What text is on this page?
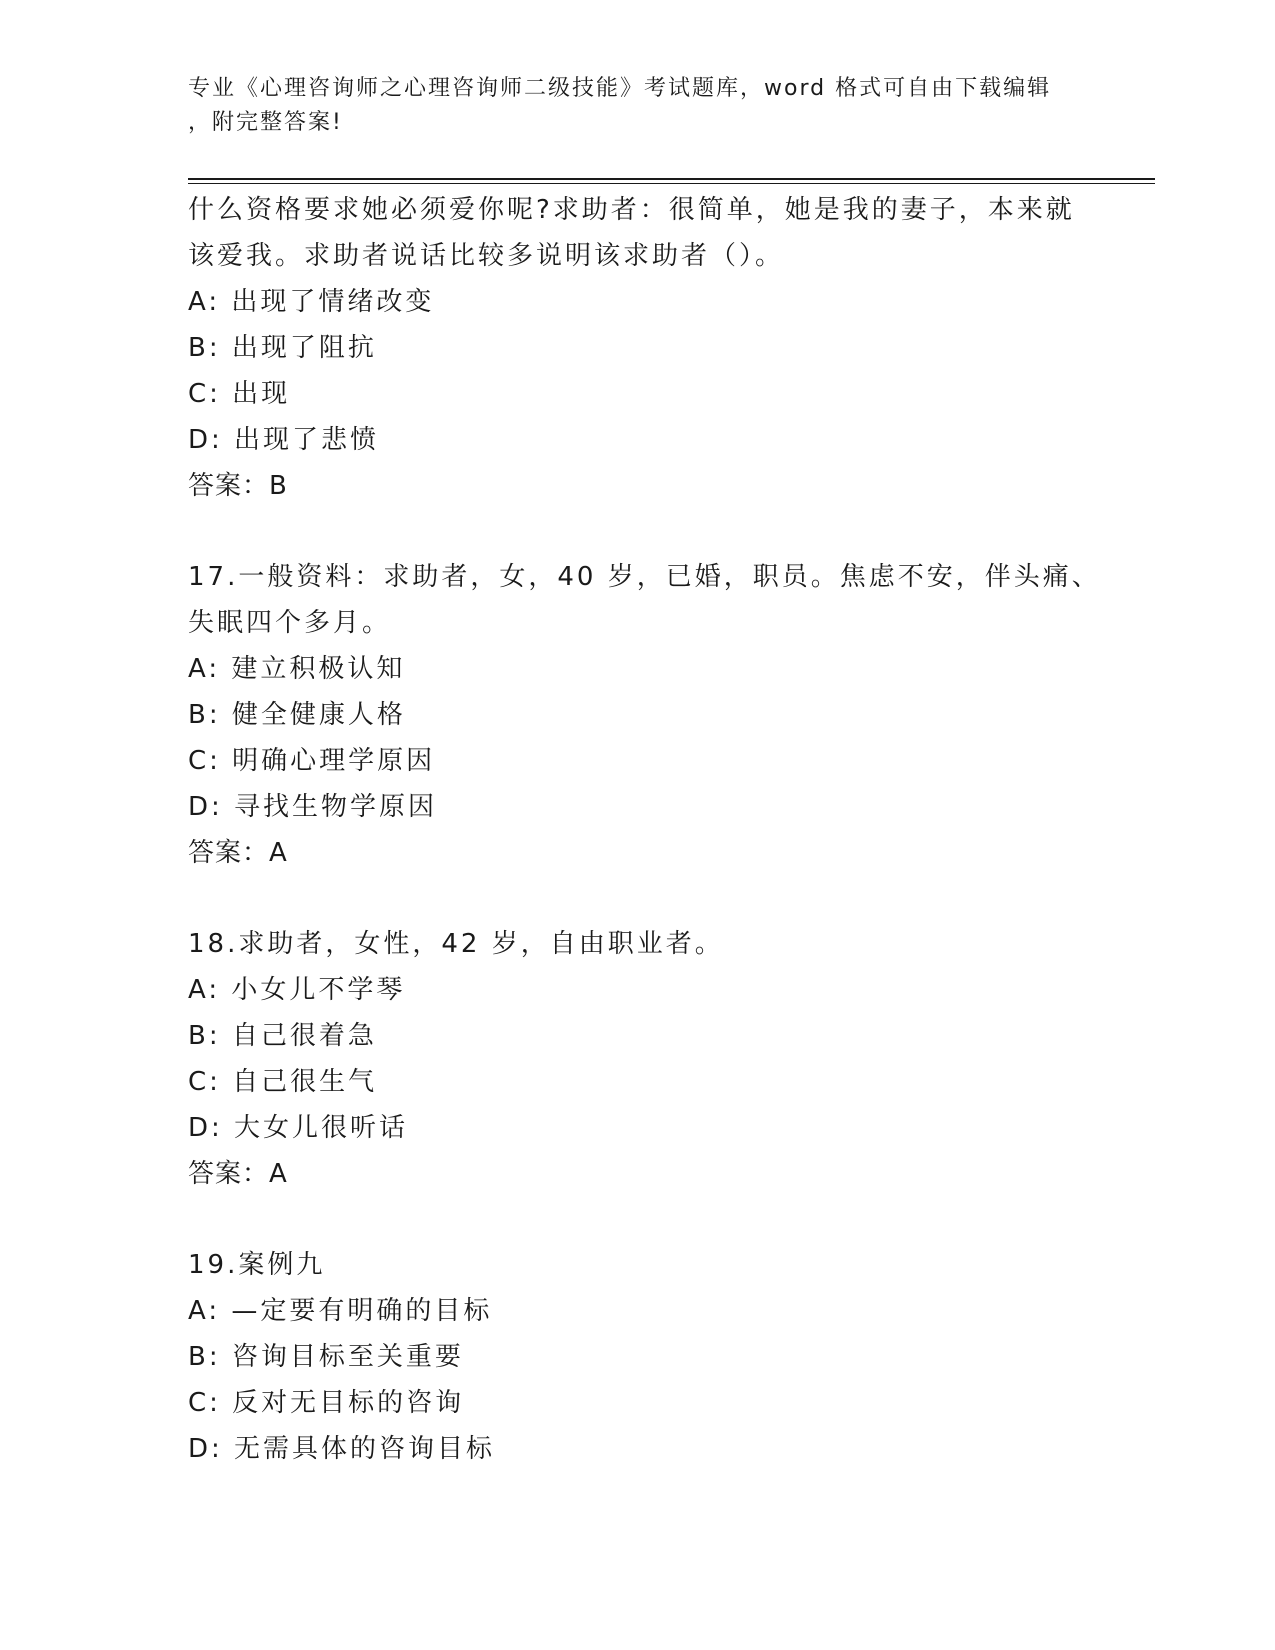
专业《心理咨询师之心理咨询师二级技能》考试题库，word 格式可自由下载编辑
，附完整答案!
什么资格要求她必须爱你呢?求助者：很简单，她是我的妻子，本来就
该爱我。求助者说话比较多说明该求助者（）。
A: 出现了情绪改变
B: 出现了阻抗
C: 出现
D: 出现了悲愤
答案：B
17.一般资料：求助者，女，40 岁，已婚，职员。焦虑不安，伴头痛、
失眠四个多月。
A: 建立积极认知
B: 健全健康人格
C: 明确心理学原因
D: 寻找生物学原因
答案：A
18.求助者，女性，42 岁，自由职业者。
A: 小女儿不学琴
B: 自己很着急
C: 自己很生气
D: 大女儿很听话
答案：A
19.案例九
A: —定要有明确的目标
B: 咨询目标至关重要
C: 反对无目标的咨询
D: 无需具体的咨询目标
